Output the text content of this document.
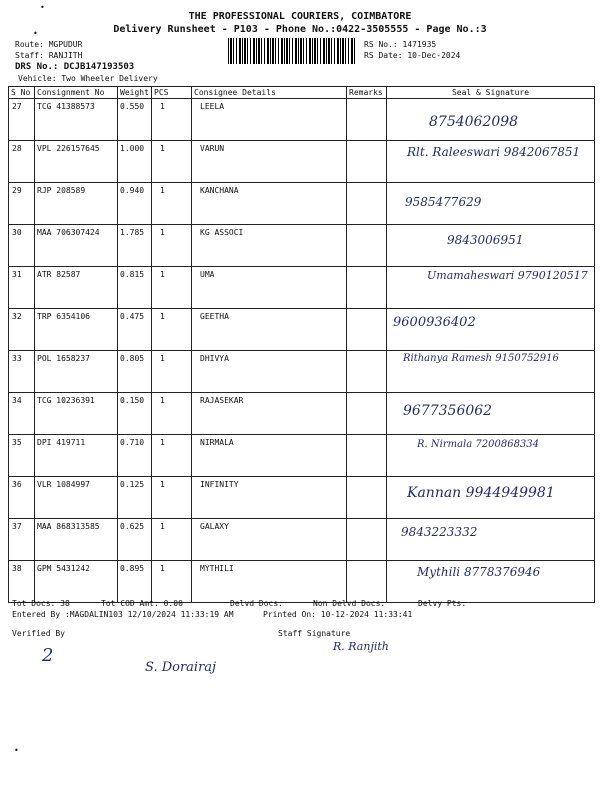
•
•
THE PROFESSIONAL COURIERS, COIMBATORE
Delivery Runsheet - P103 - Phone No.:0422-3505555 - Page No.:3
Route: MGPUDUR
Staff: RANJITH
DRS No.: DCJB147193503
Vehicle: Two Wheeler Delivery
RS No.: 1471935
RS Date: 10-Dec-2024
S No	Consignment No	Weight	PCS	Consignee Details	Remarks	Seal & Signature
27	TCG 41388573	0.550	1	LEELA		8754062098

28	VPL 226157645	1.000	1	VARUN		Rlt. Raleeswari 9842067851

29	RJP 208589	0.940	1	KANCHANA		9585477629

30	MAA 706307424	1.785	1	KG ASSOCI		9843006951

31	ATR 82587	0.815	1	UMA		Umamaheswari 9790120517

32	TRP 6354106	0.475	1	GEETHA		9600936402

33	POL 1658237	0.805	1	DHIVYA		Rithanya Ramesh 9150752916

34	TCG 10236391	0.150	1	RAJASEKAR		9677356062

35	DPI 419711	0.710	1	NIRMALA		R. Nirmala 7200868334

36	VLR 1084997	0.125	1	INFINITY		Kannan 9944949981

37	MAA 868313585	0.625	1	GALAXY		9843223332

38	GPM 5431242	0.895	1	MYTHILI		Mythili 8778376946
Tot Docs: 38	Tot COD Amt: 0.00	Delvd Docs:	Non Delvd Docs:	Delvy Pts:
Entered By :MAGDALIN103 12/10/2024 11:33:19 AM	Printed On: 10-12-2024 11:33:41
Verified By	Staff Signature
2
S. Dorairaj
R. Ranjith
•
